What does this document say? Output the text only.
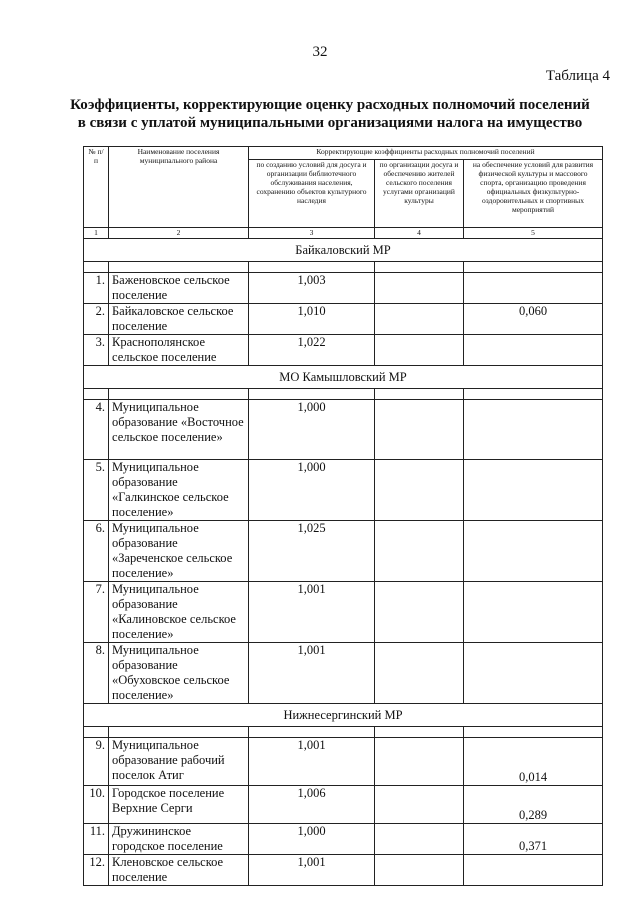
32
Таблица 4
Коэффициенты, корректирующие оценку расходных полномочий поселений
в связи с уплатой муниципальными организациями налога на имущество
№ п/п	Наименование поселения муниципального района	Корректирующие коэффициенты расходных полномочий поселений		
		по созданию условий для досуга и организации библиотечного обслуживания населения, сохранению объектов культурного наследия	по организации досуга и обеспечению жителей сельского поселения услугами организаций культуры	на обеспечение условий для развития физической культуры и массового спорта, организацию проведения официальных физкультурно-оздоровительных и спортивных мероприятий
1	2	3	4	5
Байкаловский МР				

1.	Баженовское сельское поселение	1,003		
2.	Байкаловское сельское поселение	1,010		0,060
3.	Краснополянское сельское поселение	1,022		
МО Камышловский МР				

4.	Муниципальное образование «Восточное сельское поселение»	1,000		
5.	Муниципальное образование «Галкинское сельское поселение»	1,000		
6.	Муниципальное образование «Зареченское сельское поселение»	1,025		
7.	Муниципальное образование «Калиновское сельское поселение»	1,001		
8.	Муниципальное образование «Обуховское сельское поселение»	1,001		
Нижнесергинский МР				

9.	Муниципальное образование рабочий поселок Атиг	1,001		0,014
10.	Городское поселение Верхние Серги	1,006		0,289
11.	Дружининское городское поселение	1,000		0,371
12.	Кленовское сельское поселение	1,001		
